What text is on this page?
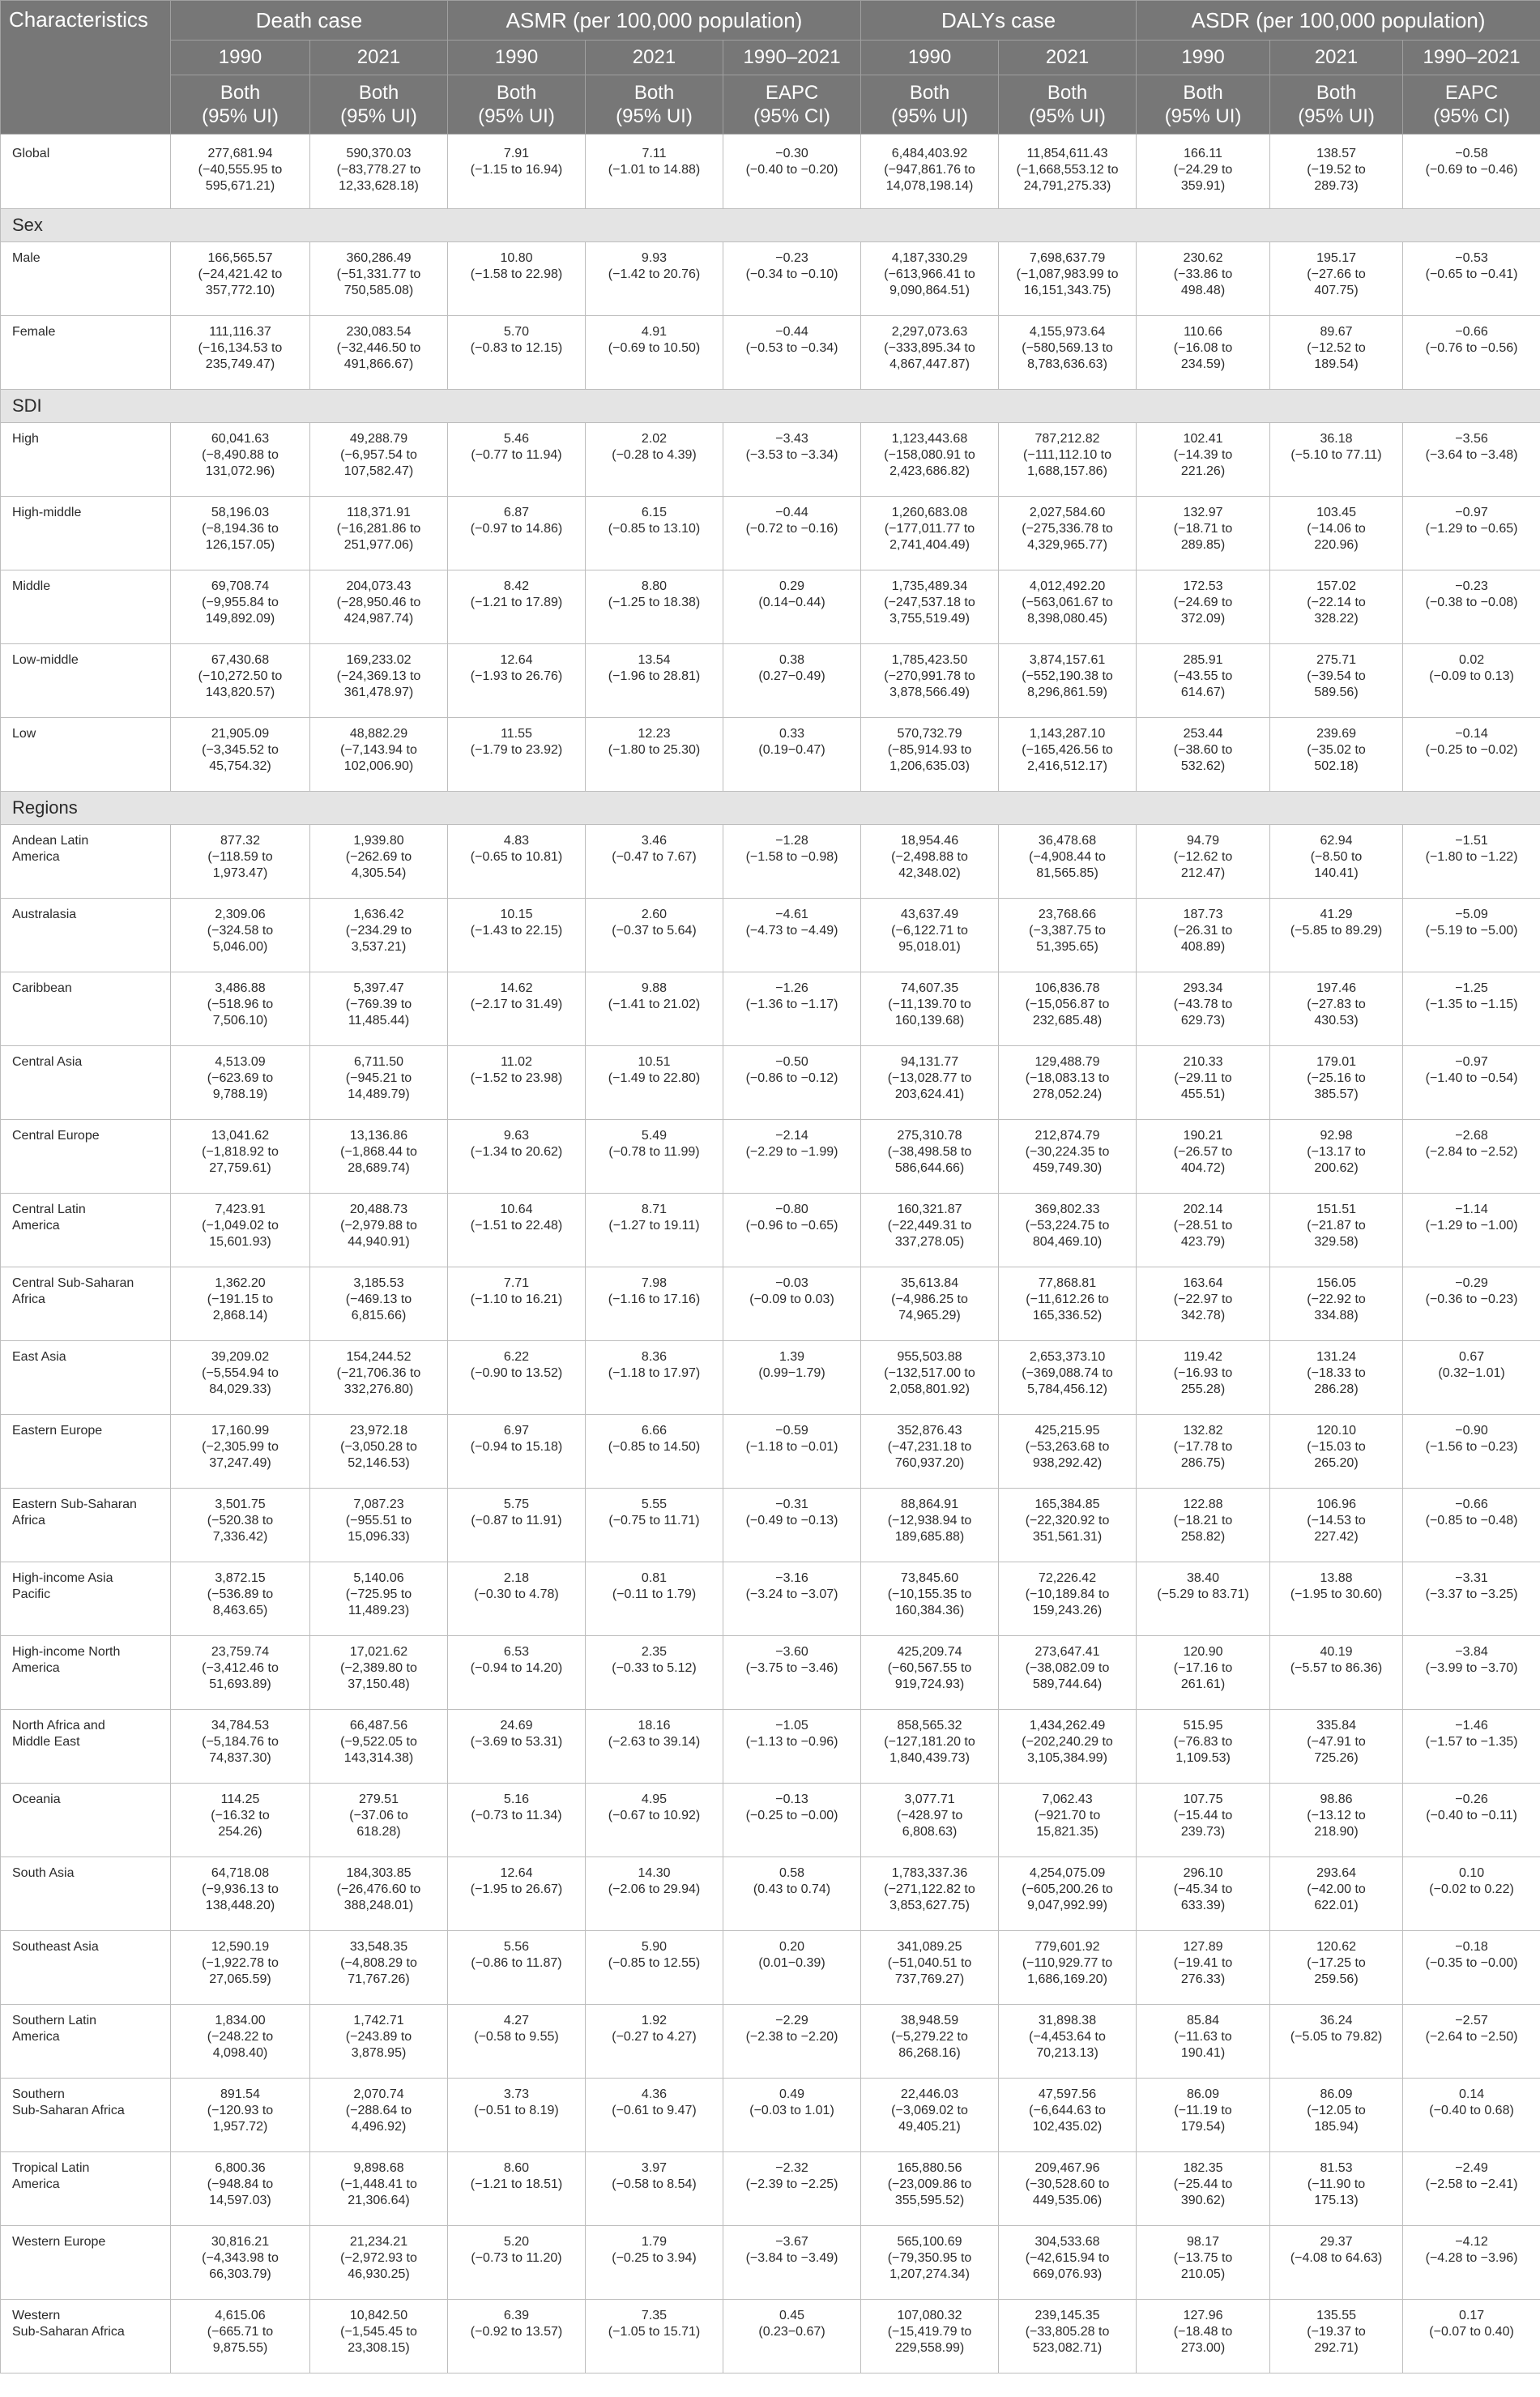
Characteristics	Death case		ASMR (per 100,000 population)			DALYs case		ASDR (per 100,000 population)		
	1990	2021	1990	2021	1990–2021	1990	2021	1990	2021	1990–2021

	Both
(95% UI)	Both
(95% UI)	Both
(95% UI)	Both
(95% UI)	EAPC
(95% CI)	Both
(95% UI)	Both
(95% UI)	Both
(95% UI)	Both
(95% UI)	EAPC
(95% CI)

Global	277,681.94
(−40,555.95 to
595,671.21)	590,370.03
(−83,778.27 to
12,33,628.18)	7.91
(−1.15 to 16.94)	7.11
(−1.01 to 14.88)	−0.30
(−0.40 to −0.20)	6,484,403.92
(−947,861.76 to
14,078,198.14)	11,854,611.43
(−1,668,553.12 to
24,791,275.33)	166.11
(−24.29 to
359.91)	138.57
(−19.52 to
289.73)	−0.58
(−0.69 to −0.46)

Sex										

Male	166,565.57
(−24,421.42 to
357,772.10)	360,286.49
(−51,331.77 to
750,585.08)	10.80
(−1.58 to 22.98)	9.93
(−1.42 to 20.76)	−0.23
(−0.34 to −0.10)	4,187,330.29
(−613,966.41 to
9,090,864.51)	7,698,637.79
(−1,087,983.99 to
16,151,343.75)	230.62
(−33.86 to
498.48)	195.17
(−27.66 to
407.75)	−0.53
(−0.65 to −0.41)

Female	111,116.37
(−16,134.53 to
235,749.47)	230,083.54
(−32,446.50 to
491,866.67)	5.70
(−0.83 to 12.15)	4.91
(−0.69 to 10.50)	−0.44
(−0.53 to −0.34)	2,297,073.63
(−333,895.34 to
4,867,447.87)	4,155,973.64
(−580,569.13 to
8,783,636.63)	110.66
(−16.08 to
234.59)	89.67
(−12.52 to
189.54)	−0.66
(−0.76 to −0.56)

SDI										

High	60,041.63
(−8,490.88 to
131,072.96)	49,288.79
(−6,957.54 to
107,582.47)	5.46
(−0.77 to 11.94)	2.02
(−0.28 to 4.39)	−3.43
(−3.53 to −3.34)	1,123,443.68
(−158,080.91 to
2,423,686.82)	787,212.82
(−111,112.10 to
1,688,157.86)	102.41
(−14.39 to
221.26)	36.18
(−5.10 to 77.11)	−3.56
(−3.64 to −3.48)

High-middle	58,196.03
(−8,194.36 to
126,157.05)	118,371.91
(−16,281.86 to
251,977.06)	6.87
(−0.97 to 14.86)	6.15
(−0.85 to 13.10)	−0.44
(−0.72 to −0.16)	1,260,683.08
(−177,011.77 to
2,741,404.49)	2,027,584.60
(−275,336.78 to
4,329,965.77)	132.97
(−18.71 to
289.85)	103.45
(−14.06 to
220.96)	−0.97
(−1.29 to −0.65)

Middle	69,708.74
(−9,955.84 to
149,892.09)	204,073.43
(−28,950.46 to
424,987.74)	8.42
(−1.21 to 17.89)	8.80
(−1.25 to 18.38)	0.29
(0.14−0.44)	1,735,489.34
(−247,537.18 to
3,755,519.49)	4,012,492.20
(−563,061.67 to
8,398,080.45)	172.53
(−24.69 to
372.09)	157.02
(−22.14 to
328.22)	−0.23
(−0.38 to −0.08)

Low-middle	67,430.68
(−10,272.50 to
143,820.57)	169,233.02
(−24,369.13 to
361,478.97)	12.64
(−1.93 to 26.76)	13.54
(−1.96 to 28.81)	0.38
(0.27−0.49)	1,785,423.50
(−270,991.78 to
3,878,566.49)	3,874,157.61
(−552,190.38 to
8,296,861.59)	285.91
(−43.55 to
614.67)	275.71
(−39.54 to
589.56)	0.02
(−0.09 to 0.13)

Low	21,905.09
(−3,345.52 to
45,754.32)	48,882.29
(−7,143.94 to
102,006.90)	11.55
(−1.79 to 23.92)	12.23
(−1.80 to 25.30)	0.33
(0.19−0.47)	570,732.79
(−85,914.93 to
1,206,635.03)	1,143,287.10
(−165,426.56 to
2,416,512.17)	253.44
(−38.60 to
532.62)	239.69
(−35.02 to
502.18)	−0.14
(−0.25 to −0.02)

Regions										

Andean Latin
America	877.32
(−118.59 to
1,973.47)	1,939.80
(−262.69 to
4,305.54)	4.83
(−0.65 to 10.81)	3.46
(−0.47 to 7.67)	−1.28
(−1.58 to −0.98)	18,954.46
(−2,498.88 to
42,348.02)	36,478.68
(−4,908.44 to
81,565.85)	94.79
(−12.62 to
212.47)	62.94
(−8.50 to
140.41)	−1.51
(−1.80 to −1.22)

Australasia	2,309.06
(−324.58 to
5,046.00)	1,636.42
(−234.29 to
3,537.21)	10.15
(−1.43 to 22.15)	2.60
(−0.37 to 5.64)	−4.61
(−4.73 to −4.49)	43,637.49
(−6,122.71 to
95,018.01)	23,768.66
(−3,387.75 to
51,395.65)	187.73
(−26.31 to
408.89)	41.29
(−5.85 to 89.29)	−5.09
(−5.19 to −5.00)

Caribbean	3,486.88
(−518.96 to
7,506.10)	5,397.47
(−769.39 to
11,485.44)	14.62
(−2.17 to 31.49)	9.88
(−1.41 to 21.02)	−1.26
(−1.36 to −1.17)	74,607.35
(−11,139.70 to
160,139.68)	106,836.78
(−15,056.87 to
232,685.48)	293.34
(−43.78 to
629.73)	197.46
(−27.83 to
430.53)	−1.25
(−1.35 to −1.15)

Central Asia	4,513.09
(−623.69 to
9,788.19)	6,711.50
(−945.21 to
14,489.79)	11.02
(−1.52 to 23.98)	10.51
(−1.49 to 22.80)	−0.50
(−0.86 to −0.12)	94,131.77
(−13,028.77 to
203,624.41)	129,488.79
(−18,083.13 to
278,052.24)	210.33
(−29.11 to
455.51)	179.01
(−25.16 to
385.57)	−0.97
(−1.40 to −0.54)

Central Europe	13,041.62
(−1,818.92 to
27,759.61)	13,136.86
(−1,868.44 to
28,689.74)	9.63
(−1.34 to 20.62)	5.49
(−0.78 to 11.99)	−2.14
(−2.29 to −1.99)	275,310.78
(−38,498.58 to
586,644.66)	212,874.79
(−30,224.35 to
459,749.30)	190.21
(−26.57 to
404.72)	92.98
(−13.17 to
200.62)	−2.68
(−2.84 to −2.52)

Central Latin
America	7,423.91
(−1,049.02 to
15,601.93)	20,488.73
(−2,979.88 to
44,940.91)	10.64
(−1.51 to 22.48)	8.71
(−1.27 to 19.11)	−0.80
(−0.96 to −0.65)	160,321.87
(−22,449.31 to
337,278.05)	369,802.33
(−53,224.75 to
804,469.10)	202.14
(−28.51 to
423.79)	151.51
(−21.87 to
329.58)	−1.14
(−1.29 to −1.00)

Central Sub-Saharan
Africa	1,362.20
(−191.15 to
2,868.14)	3,185.53
(−469.13 to
6,815.66)	7.71
(−1.10 to 16.21)	7.98
(−1.16 to 17.16)	−0.03
(−0.09 to 0.03)	35,613.84
(−4,986.25 to
74,965.29)	77,868.81
(−11,612.26 to
165,336.52)	163.64
(−22.97 to
342.78)	156.05
(−22.92 to
334.88)	−0.29
(−0.36 to −0.23)

East Asia	39,209.02
(−5,554.94 to
84,029.33)	154,244.52
(−21,706.36 to
332,276.80)	6.22
(−0.90 to 13.52)	8.36
(−1.18 to 17.97)	1.39
(0.99−1.79)	955,503.88
(−132,517.00 to
2,058,801.92)	2,653,373.10
(−369,088.74 to
5,784,456.12)	119.42
(−16.93 to
255.28)	131.24
(−18.33 to
286.28)	0.67
(0.32−1.01)

Eastern Europe	17,160.99
(−2,305.99 to
37,247.49)	23,972.18
(−3,050.28 to
52,146.53)	6.97
(−0.94 to 15.18)	6.66
(−0.85 to 14.50)	−0.59
(−1.18 to −0.01)	352,876.43
(−47,231.18 to
760,937.20)	425,215.95
(−53,263.68 to
938,292.42)	132.82
(−17.78 to
286.75)	120.10
(−15.03 to
265.20)	−0.90
(−1.56 to −0.23)

Eastern Sub-Saharan
Africa	3,501.75
(−520.38 to
7,336.42)	7,087.23
(−955.51 to
15,096.33)	5.75
(−0.87 to 11.91)	5.55
(−0.75 to 11.71)	−0.31
(−0.49 to −0.13)	88,864.91
(−12,938.94 to
189,685.88)	165,384.85
(−22,320.92 to
351,561.31)	122.88
(−18.21 to
258.82)	106.96
(−14.53 to
227.42)	−0.66
(−0.85 to −0.48)

High-income Asia
Pacific	3,872.15
(−536.89 to
8,463.65)	5,140.06
(−725.95 to
11,489.23)	2.18
(−0.30 to 4.78)	0.81
(−0.11 to 1.79)	−3.16
(−3.24 to −3.07)	73,845.60
(−10,155.35 to
160,384.36)	72,226.42
(−10,189.84 to
159,243.26)	38.40
(−5.29 to 83.71)	13.88
(−1.95 to 30.60)	−3.31
(−3.37 to −3.25)

High-income North
America	23,759.74
(−3,412.46 to
51,693.89)	17,021.62
(−2,389.80 to
37,150.48)	6.53
(−0.94 to 14.20)	2.35
(−0.33 to 5.12)	−3.60
(−3.75 to −3.46)	425,209.74
(−60,567.55 to
919,724.93)	273,647.41
(−38,082.09 to
589,744.64)	120.90
(−17.16 to
261.61)	40.19
(−5.57 to 86.36)	−3.84
(−3.99 to −3.70)

North Africa and
Middle East	34,784.53
(−5,184.76 to
74,837.30)	66,487.56
(−9,522.05 to
143,314.38)	24.69
(−3.69 to 53.31)	18.16
(−2.63 to 39.14)	−1.05
(−1.13 to −0.96)	858,565.32
(−127,181.20 to
1,840,439.73)	1,434,262.49
(−202,240.29 to
3,105,384.99)	515.95
(−76.83 to
1,109.53)	335.84
(−47.91 to
725.26)	−1.46
(−1.57 to −1.35)

Oceania	114.25
(−16.32 to
254.26)	279.51
(−37.06 to
618.28)	5.16
(−0.73 to 11.34)	4.95
(−0.67 to 10.92)	−0.13
(−0.25 to −0.00)	3,077.71
(−428.97 to
6,808.63)	7,062.43
(−921.70 to
15,821.35)	107.75
(−15.44 to
239.73)	98.86
(−13.12 to
218.90)	−0.26
(−0.40 to −0.11)

South Asia	64,718.08
(−9,936.13 to
138,448.20)	184,303.85
(−26,476.60 to
388,248.01)	12.64
(−1.95 to 26.67)	14.30
(−2.06 to 29.94)	0.58
(0.43 to 0.74)	1,783,337.36
(−271,122.82 to
3,853,627.75)	4,254,075.09
(−605,200.26 to
9,047,992.99)	296.10
(−45.34 to
633.39)	293.64
(−42.00 to
622.01)	0.10
(−0.02 to 0.22)

Southeast Asia	12,590.19
(−1,922.78 to
27,065.59)	33,548.35
(−4,808.29 to
71,767.26)	5.56
(−0.86 to 11.87)	5.90
(−0.85 to 12.55)	0.20
(0.01−0.39)	341,089.25
(−51,040.51 to
737,769.27)	779,601.92
(−110,929.77 to
1,686,169.20)	127.89
(−19.41 to
276.33)	120.62
(−17.25 to
259.56)	−0.18
(−0.35 to −0.00)

Southern Latin
America	1,834.00
(−248.22 to
4,098.40)	1,742.71
(−243.89 to
3,878.95)	4.27
(−0.58 to 9.55)	1.92
(−0.27 to 4.27)	−2.29
(−2.38 to −2.20)	38,948.59
(−5,279.22 to
86,268.16)	31,898.38
(−4,453.64 to
70,213.13)	85.84
(−11.63 to
190.41)	36.24
(−5.05 to 79.82)	−2.57
(−2.64 to −2.50)

Southern
Sub-Saharan Africa	891.54
(−120.93 to
1,957.72)	2,070.74
(−288.64 to
4,496.92)	3.73
(−0.51 to 8.19)	4.36
(−0.61 to 9.47)	0.49
(−0.03 to 1.01)	22,446.03
(−3,069.02 to
49,405.21)	47,597.56
(−6,644.63 to
102,435.02)	86.09
(−11.19 to
179.54)	86.09
(−12.05 to
185.94)	0.14
(−0.40 to 0.68)

Tropical Latin
America	6,800.36
(−948.84 to
14,597.03)	9,898.68
(−1,448.41 to
21,306.64)	8.60
(−1.21 to 18.51)	3.97
(−0.58 to 8.54)	−2.32
(−2.39 to −2.25)	165,880.56
(−23,009.86 to
355,595.52)	209,467.96
(−30,528.60 to
449,535.06)	182.35
(−25.44 to
390.62)	81.53
(−11.90 to
175.13)	−2.49
(−2.58 to −2.41)

Western Europe	30,816.21
(−4,343.98 to
66,303.79)	21,234.21
(−2,972.93 to
46,930.25)	5.20
(−0.73 to 11.20)	1.79
(−0.25 to 3.94)	−3.67
(−3.84 to −3.49)	565,100.69
(−79,350.95 to
1,207,274.34)	304,533.68
(−42,615.94 to
669,076.93)	98.17
(−13.75 to
210.05)	29.37
(−4.08 to 64.63)	−4.12
(−4.28 to −3.96)

Western
Sub-Saharan Africa	4,615.06
(−665.71 to
9,875.55)	10,842.50
(−1,545.45 to
23,308.15)	6.39
(−0.92 to 13.57)	7.35
(−1.05 to 15.71)	0.45
(0.23−0.67)	107,080.32
(−15,419.79 to
229,558.99)	239,145.35
(−33,805.28 to
523,082.71)	127.96
(−18.48 to
273.00)	135.55
(−19.37 to
292.71)	0.17
(−0.07 to 0.40)
